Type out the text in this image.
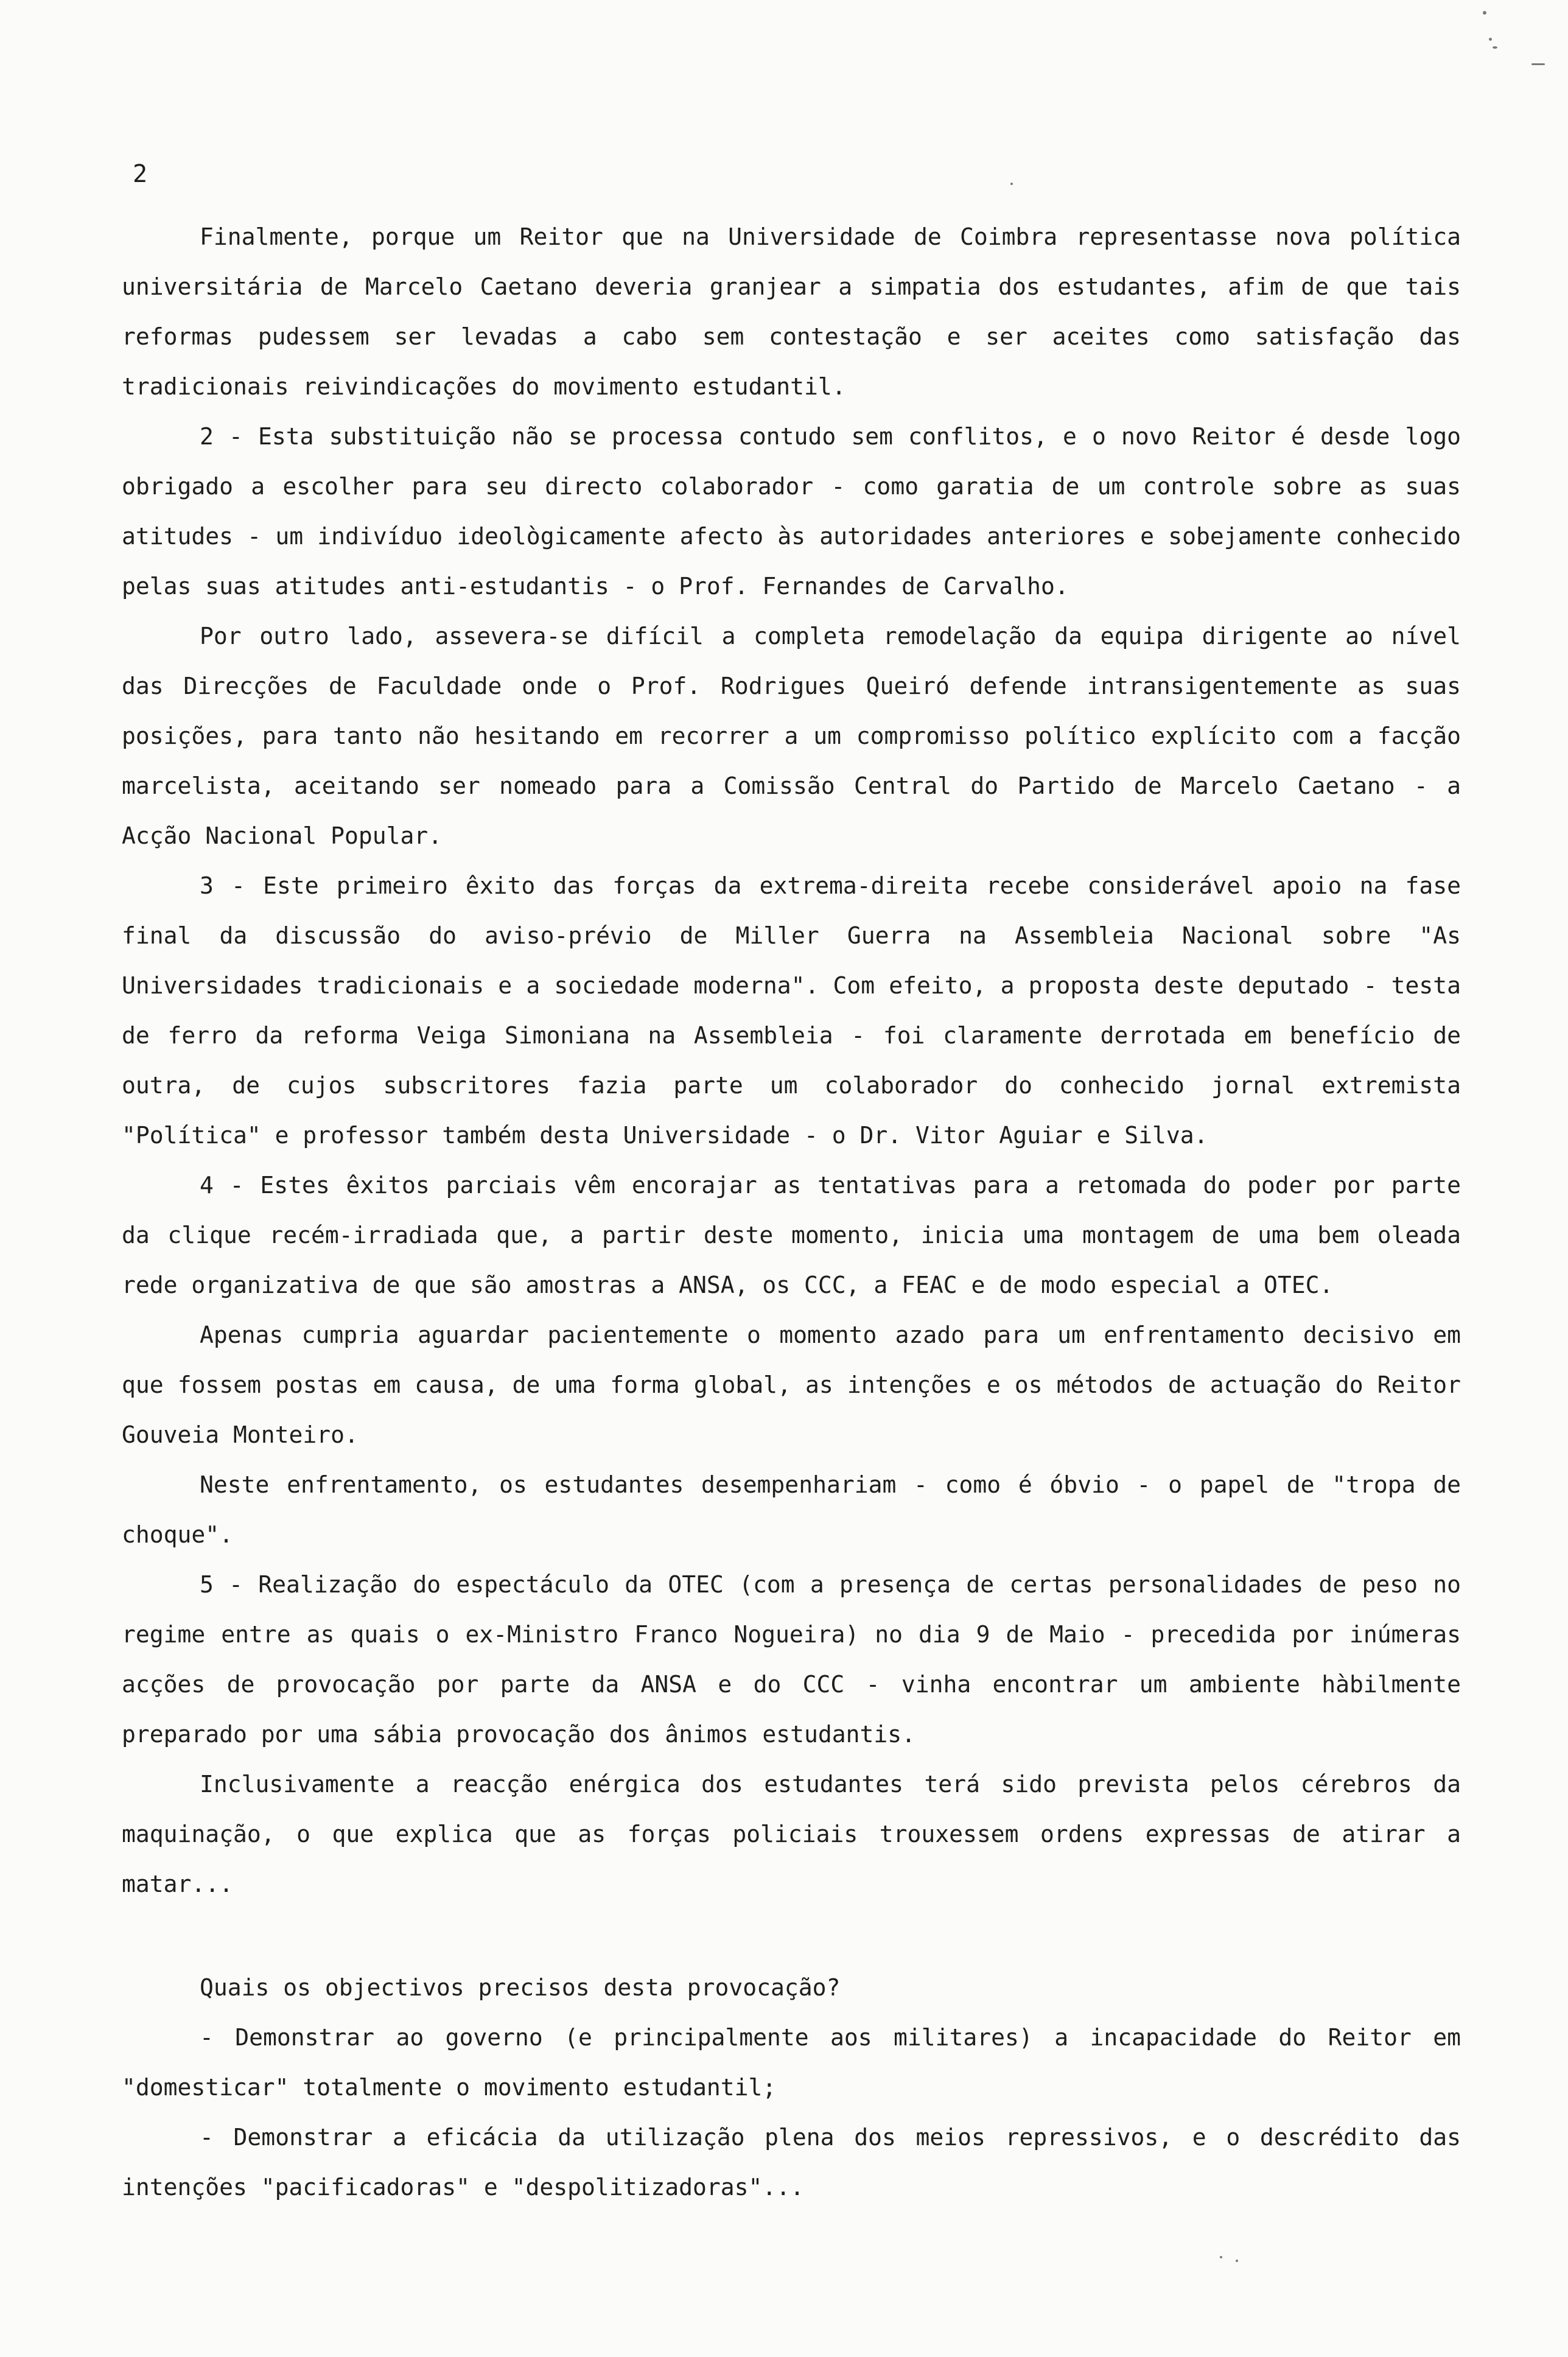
2

Finalmente, porque um Reitor que na Universidade de Coimbra representasse nova política universitária de Marcelo Caetano deveria granjear a simpatia dos estudantes, afim de que tais reformas pudessem ser levadas a cabo sem contestação e ser aceites como satisfação das tradicionais reivindicações do movimento estudantil.

2 - Esta substituição não se processa contudo sem conflitos, e o novo Reitor é desde logo obrigado a escolher para seu directo colaborador - como garatia de um controle sobre as suas atitudes - um indivíduo ideològicamente afecto às autoridades anteriores e sobejamente conhecido pelas suas atitudes anti-estudantis - o Prof. Fernandes de Carvalho.

Por outro lado, assevera-se difícil a completa remodelação da equipa dirigente ao nível das Direcções de Faculdade onde o Prof. Rodrigues Queiró defende intransigentemente as suas posições, para tanto não hesitando em recorrer a um compromisso político explícito com a facção marcelista, aceitando ser nomeado para a Comissão Central do Partido de Marcelo Caetano - a Acção Nacional Popular.

3 - Este primeiro êxito das forças da extrema-direita recebe considerável apoio na fase final da discussão do aviso-prévio de Miller Guerra na Assembleia Nacional sobre "As Universidades tradicionais e a sociedade moderna". Com efeito, a proposta deste deputado - testa de ferro da reforma Veiga Simoniana na Assembleia - foi claramente derrotada em benefício de outra, de cujos subscritores fazia parte um colaborador do conhecido jornal extremista "Política" e professor também desta Universidade - o Dr. Vitor Aguiar e Silva.

4 - Estes êxitos parciais vêm encorajar as tentativas para a retomada do poder por parte da clique recém-irradiada que, a partir deste momento, inicia uma montagem de uma bem oleada rede organizativa de que são amostras a ANSA, os CCC, a FEAC e de modo especial a OTEC.

Apenas cumpria aguardar pacientemente o momento azado para um enfrentamento decisivo em que fossem postas em causa, de uma forma global, as intenções e os métodos de actuação do Reitor Gouveia Monteiro.

Neste enfrentamento, os estudantes desempenhariam - como é óbvio - o papel de "tropa de choque".

5 - Realização do espectáculo da OTEC (com a presença de certas personalidades de peso no regime entre as quais o ex-Ministro Franco Nogueira) no dia 9 de Maio - precedida por inúmeras acções de provocação por parte da ANSA e do CCC - vinha encontrar um ambiente hàbilmente preparado por uma sábia provocação dos ânimos estudantis.

Inclusivamente a reacção enérgica dos estudantes terá sido prevista pelos cérebros da maquinação, o que explica que as forças policiais trouxessem ordens expressas de atirar a matar...

Quais os objectivos precisos desta provocação?

- Demonstrar ao governo (e principalmente aos militares) a incapacidade do Reitor em "domesticar" totalmente o movimento estudantil;

- Demonstrar a eficácia da utilização plena dos meios repressivos, e o descrédito das intenções "pacificadoras" e "despolitizadoras"...
